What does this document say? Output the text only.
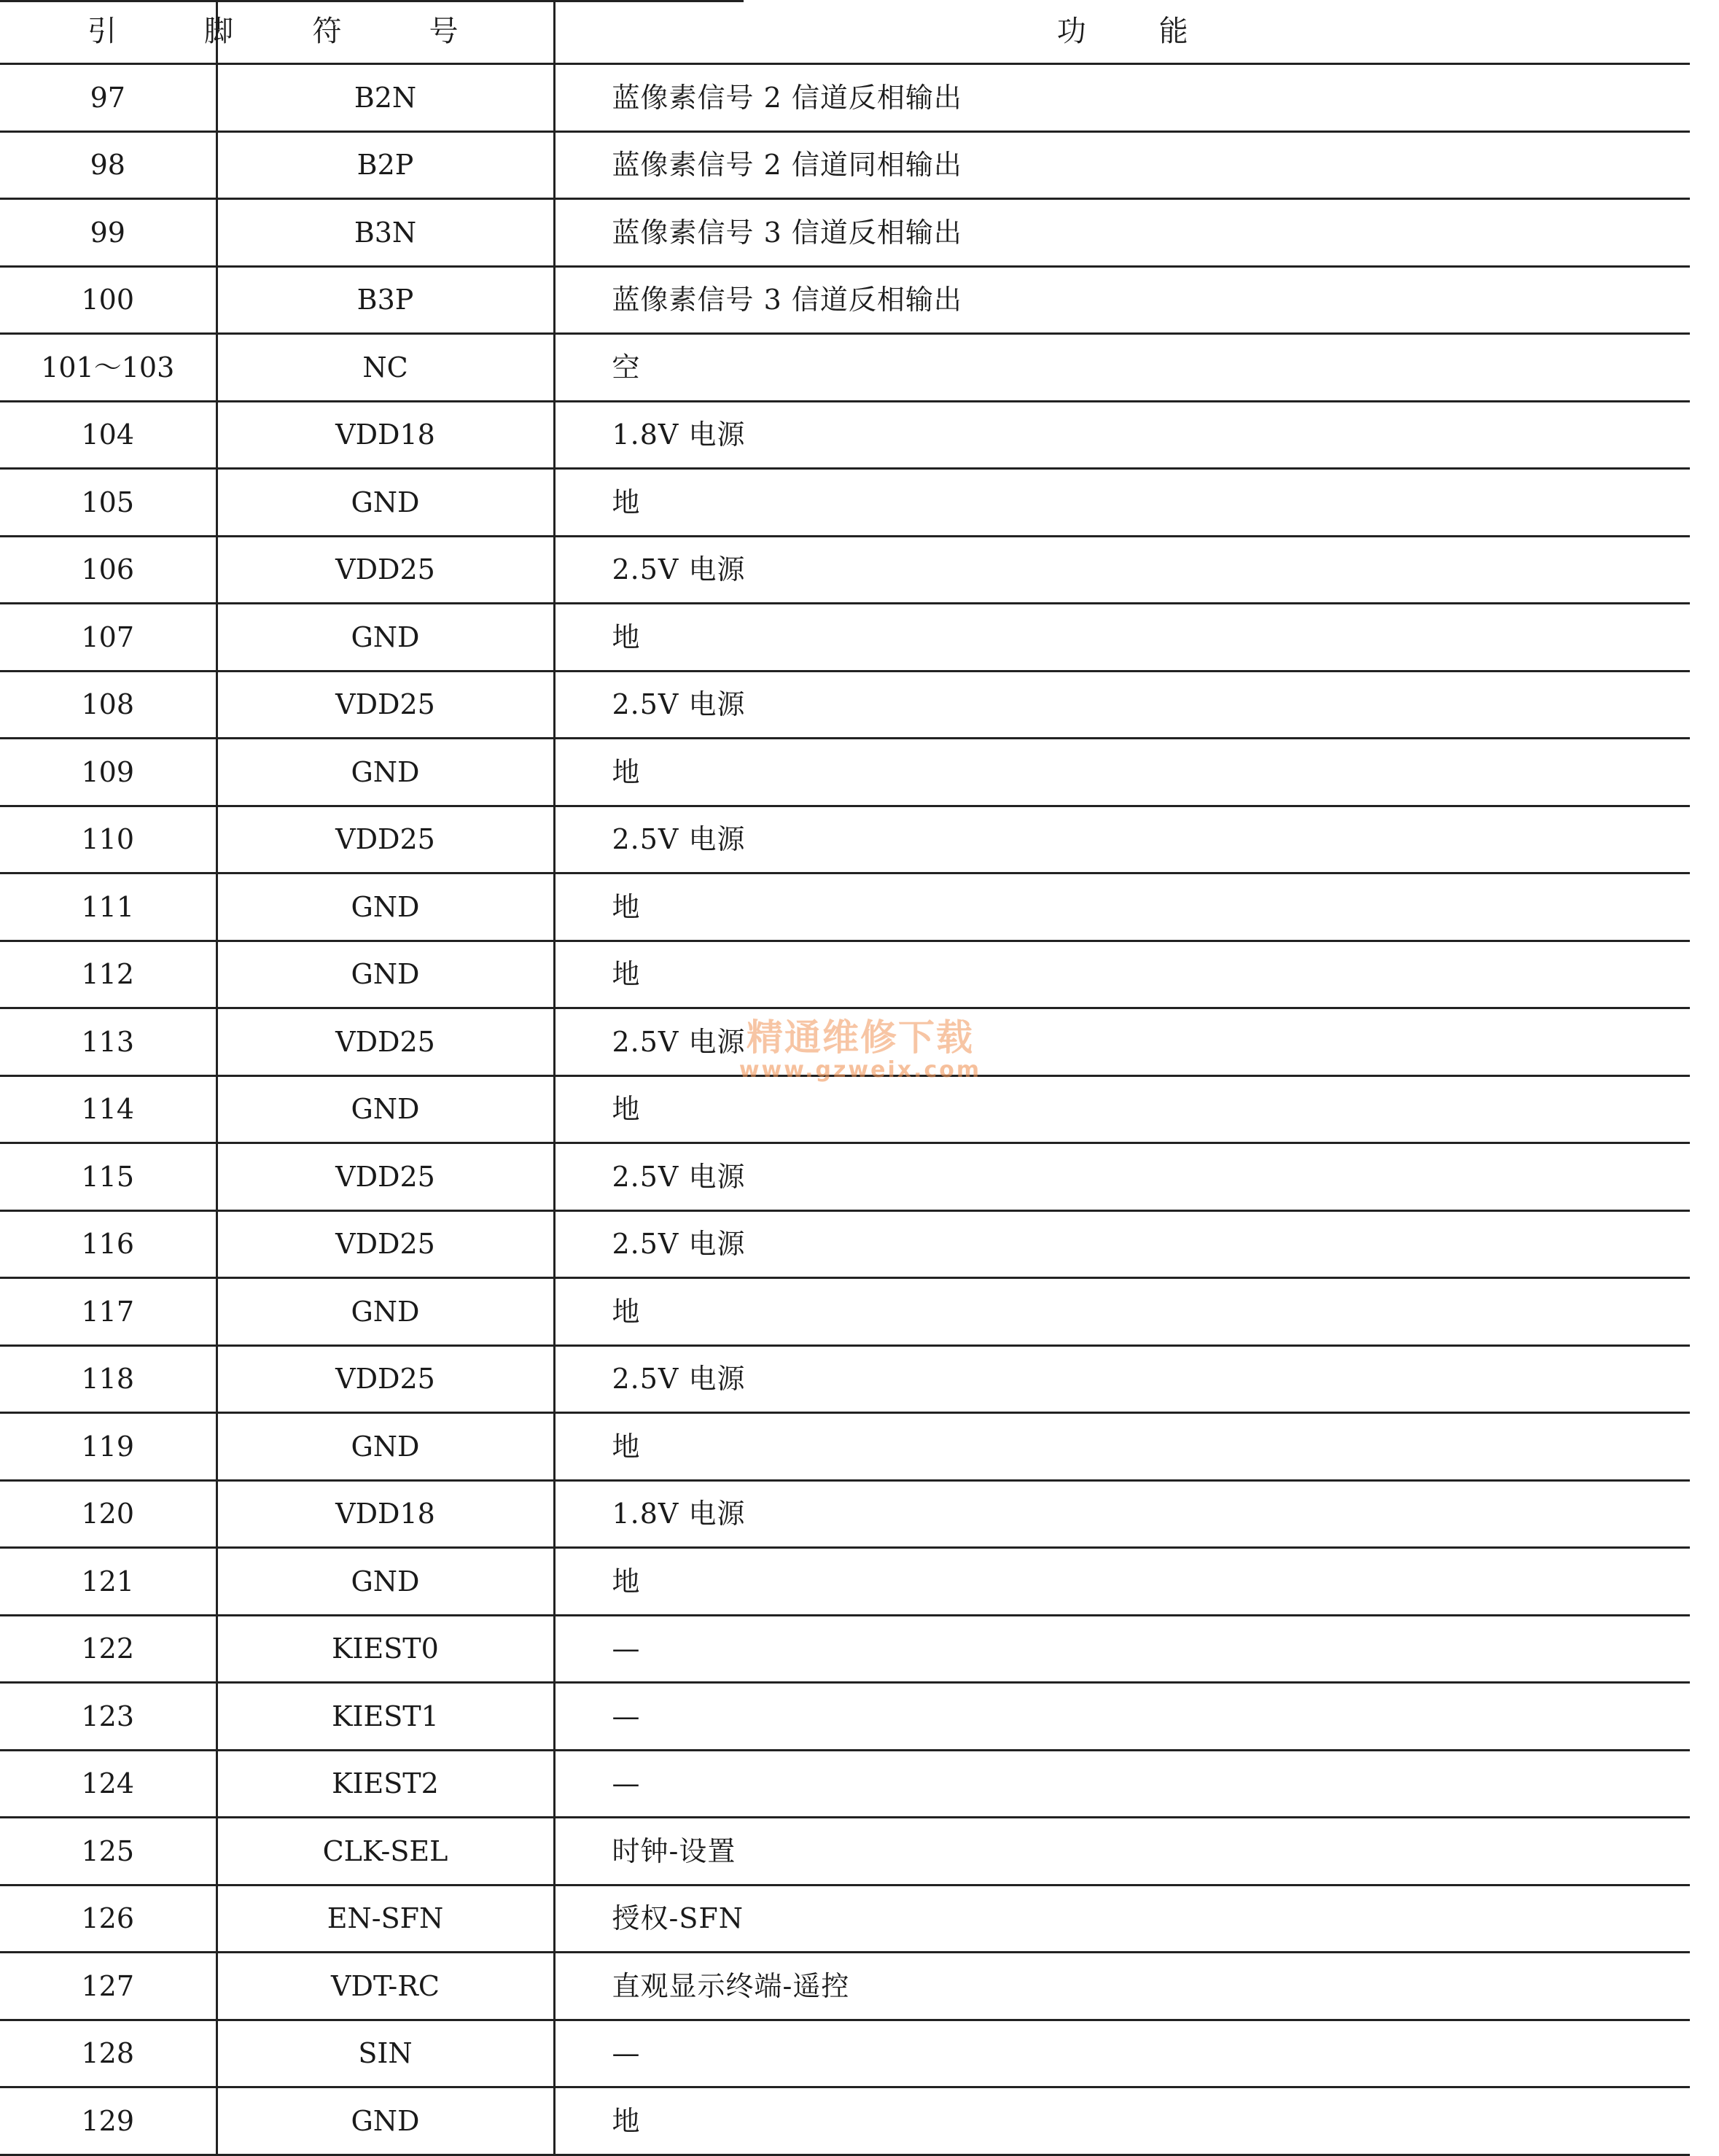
引脚	符号	功能
97	B2N	蓝像素信号 2 信道反相输出
98	B2P	蓝像素信号 2 信道同相输出
99	B3N	蓝像素信号 3 信道反相输出
100	B3P	蓝像素信号 3 信道反相输出
101～103	NC	空
104	VDD18	1.8V 电源
105	GND	地
106	VDD25	2.5V 电源
107	GND	地
108	VDD25	2.5V 电源
109	GND	地
110	VDD25	2.5V 电源
111	GND	地
112	GND	地
113	VDD25	2.5V 电源
114	GND	地
115	VDD25	2.5V 电源
116	VDD25	2.5V 电源
117	GND	地
118	VDD25	2.5V 电源
119	GND	地
120	VDD18	1.8V 电源
121	GND	地
122	KIEST0	—
123	KIEST1	—
124	KIEST2	—
125	CLK-SEL	时钟-设置
126	EN-SFN	授权-SFN
127	VDT-RC	直观显示终端-遥控
128	SIN	—
129	GND	地
精通维修下载
www.gzweix.com
